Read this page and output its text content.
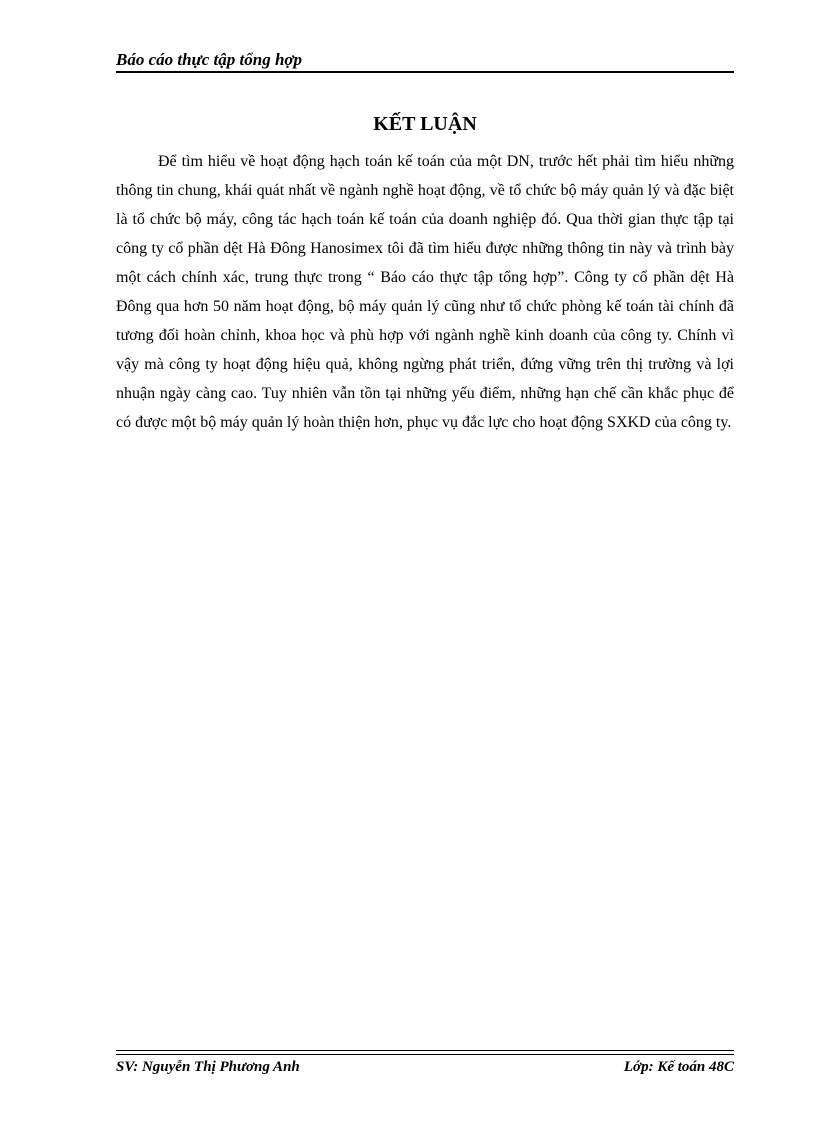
Báo cáo thực tập tổng hợp
KẾT LUẬN

Để tìm hiểu về hoạt động hạch toán kế toán của một DN, trước hết phải tìm hiểu những thông tin chung, khái quát nhất về ngành nghề hoạt động, về tổ chức bộ máy quản lý và đặc biệt là tổ chức bộ máy, công tác hạch toán kế toán của doanh nghiệp đó. Qua thời gian thực tập tại công ty cổ phần dệt Hà Đông Hanosimex tôi đã tìm hiểu được những thông tin này và trình bày một cách chính xác, trung thực trong “ Báo cáo thực tập tổng hợp”. Công ty cổ phần dệt Hà Đông qua hơn 50 năm hoạt động, bộ máy quản lý cũng như tổ chức phòng kế toán tài chính đã tương đối hoàn chỉnh, khoa học và phù hợp với ngành nghề kinh doanh của công ty. Chính vì vậy mà công ty hoạt động hiệu quả, không ngừng phát triển, đứng vững trên thị trường và lợi nhuận ngày càng cao. Tuy nhiên vẫn tồn tại những yếu điểm, những hạn chế cần khắc phục để có được một bộ máy quản lý hoàn thiện hơn, phục vụ đắc lực cho hoạt động SXKD của công ty.

SV: Nguyễn Thị Phương Anh	Lớp: Kế toán 48C
